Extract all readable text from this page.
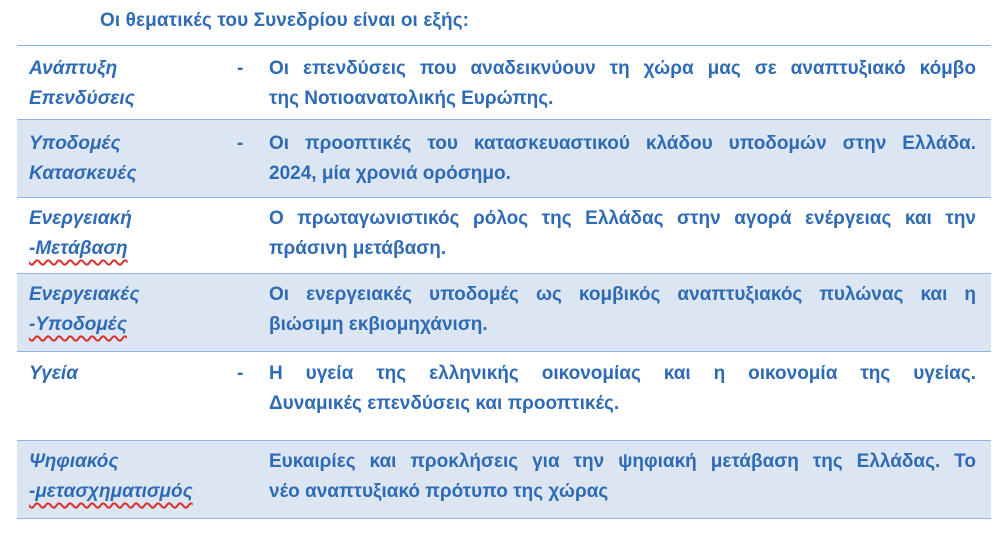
Οι θεματικές του Συνεδρίου είναι οι εξής:
Ανάπτυξη
Επενδύσεις
- Οι επενδύσεις που αναδεικνύουν τη χώρα μας σε αναπτυξιακό κόμβο
της Νοτιοανατολικής Ευρώπης.
Υποδομές
Κατασκευές
- Οι προοπτικές του κατασκευαστικού κλάδου υποδομών στην Ελλάδα.
2024, μία χρονιά ορόσημο.
Ενεργειακή
-Μετάβαση
Ο πρωταγωνιστικός ρόλος της Ελλάδας στην αγορά ενέργειας και την
πράσινη μετάβαση.
Ενεργειακές
-Υποδομές
Οι ενεργειακές υποδομές ως κομβικός αναπτυξιακός πυλώνας και η
βιώσιμη εκβιομηχάνιση.
Υγεία	- Η υγεία της ελληνικής οικονομίας και η οικονομία της υγείας.
Δυναμικές επενδύσεις και προοπτικές.
Ψηφιακός
-μετασχηματισμός
Ευκαιρίες και προκλήσεις για την ψηφιακή μετάβαση της Ελλάδας. Το
νέο αναπτυξιακό πρότυπο της χώρας
